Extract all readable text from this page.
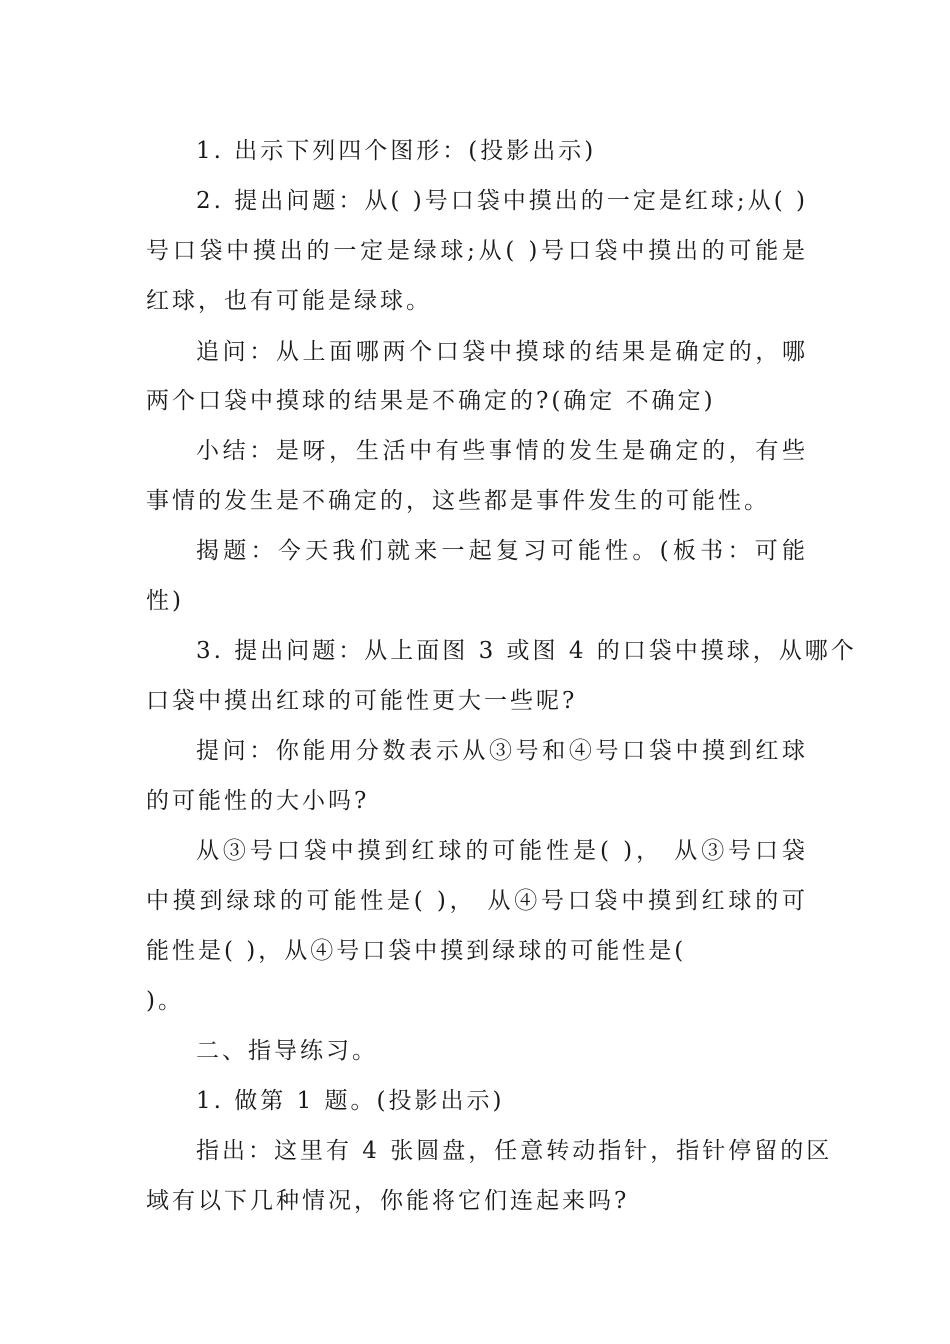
1. 出示下列四个图形：(投影出示)
2. 提出问题：从( )号口袋中摸出的一定是红球;从( )
号口袋中摸出的一定是绿球;从( )号口袋中摸出的可能是
红球，也有可能是绿球。
追问：从上面哪两个口袋中摸球的结果是确定的，哪
两个口袋中摸球的结果是不确定的?(确定 不确定)
小结：是呀，生活中有些事情的发生是确定的，有些
事情的发生是不确定的，这些都是事件发生的可能性。
揭题：今天我们就来一起复习可能性。(板书：可能
性)
3. 提出问题：从上面图 3 或图 4 的口袋中摸球，从哪个
口袋中摸出红球的可能性更大一些呢?
提问：你能用分数表示从③号和④号口袋中摸到红球
的可能性的大小吗?
从③号口袋中摸到红球的可能性是( )， 从③号口袋
中摸到绿球的可能性是( )， 从④号口袋中摸到红球的可
能性是( )，从④号口袋中摸到绿球的可能性是(
)。
二、指导练习。
1. 做第 1 题。(投影出示)
指出：这里有 4 张圆盘，任意转动指针，指针停留的区
域有以下几种情况，你能将它们连起来吗?
